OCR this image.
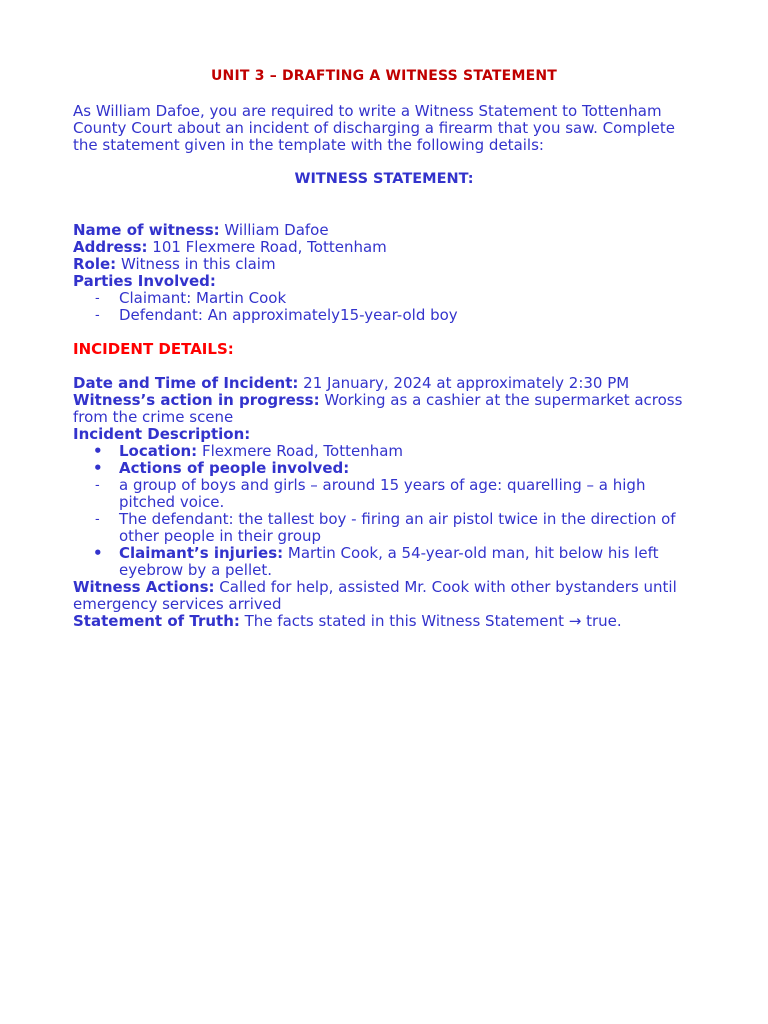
UNIT 3 – DRAFTING A WITNESS STATEMENT
As William Dafoe, you are required to write a Witness Statement to Tottenham County Court about an incident of discharging a firearm that you saw. Complete the statement given in the template with the following details:
WITNESS STATEMENT:
Name of witness: William Dafoe
Address: 101 Flexmere Road, Tottenham
Role: Witness in this claim
Parties Involved:
-	Claimant: Martin Cook
-	Defendant: An approximately15-year-old boy
INCIDENT DETAILS:
Date and Time of Incident: 21 January, 2024 at approximately 2:30 PM
Witness’s action in progress: Working as a cashier at the supermarket across from the crime scene
Incident Description:
•	Location: Flexmere Road, Tottenham
•	Actions of people involved:
-	a group of boys and girls – around 15 years of age: quarelling – a high pitched voice.
-	The defendant: the tallest boy - firing an air pistol twice in the direction of other people in their group
•	Claimant’s injuries: Martin Cook, a 54-year-old man, hit below his left eyebrow by a pellet.
Witness Actions: Called for help, assisted Mr. Cook with other bystanders until emergency services arrived
Statement of Truth: The facts stated in this Witness Statement → true.
